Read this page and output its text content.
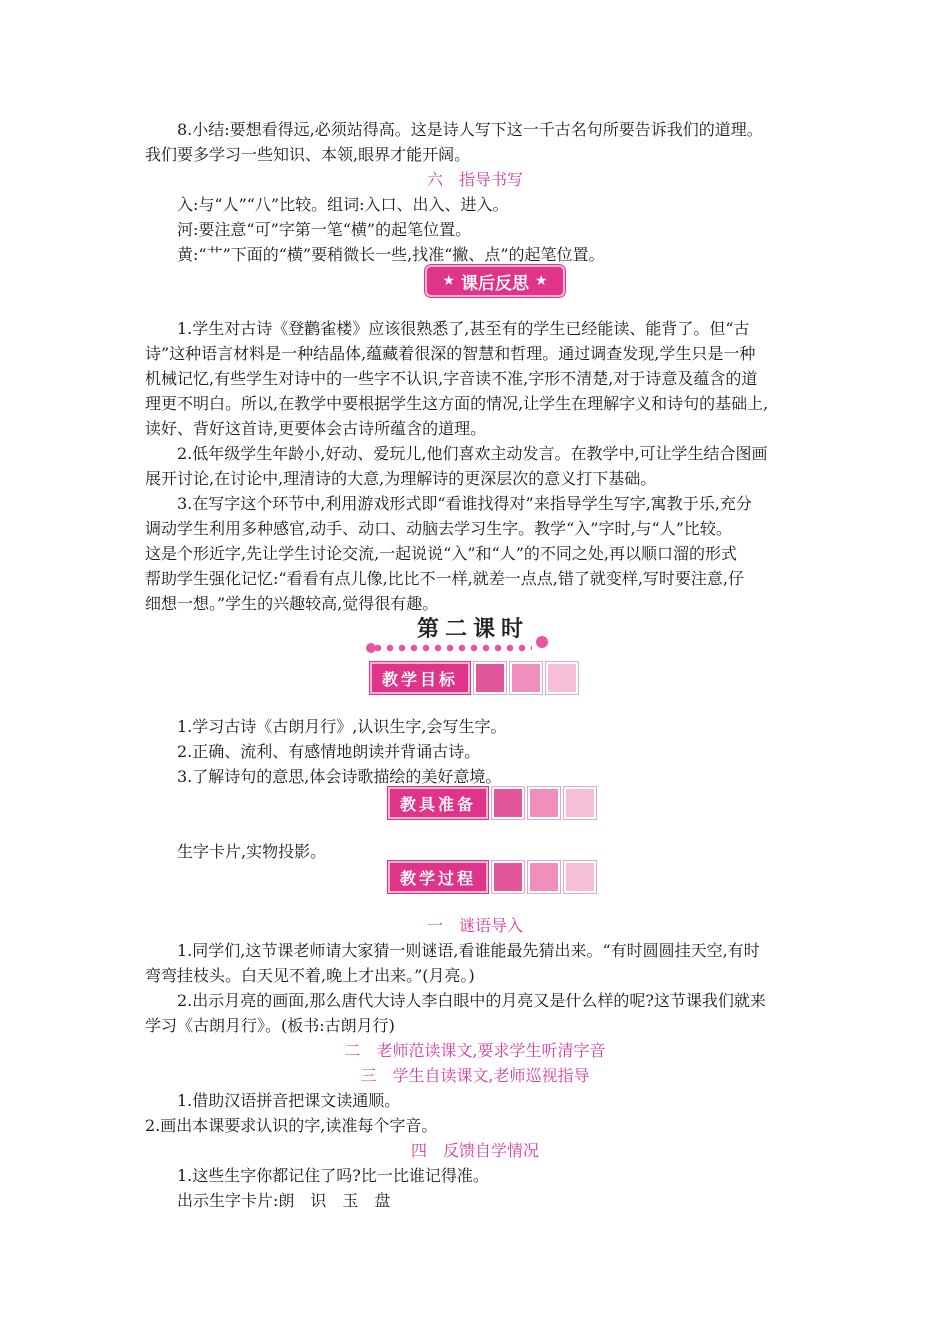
8.小结:要想看得远,必须站得高。这是诗人写下这一千古名句所要告诉我们的道理。
我们要多学习一些知识、本领,眼界才能开阔。
六　指导书写
入:与“人”“八”比较。组词:入口、出入、进入。
河:要注意“可”字第一笔“横”的起笔位置。
黄:“艹”下面的“横”要稍微长一些,找准“撇、点”的起笔位置。
★ 课后反思 ★
1.学生对古诗《登鹳雀楼》应该很熟悉了,甚至有的学生已经能读、能背了。但“古
诗”这种语言材料是一种结晶体,蕴藏着很深的智慧和哲理。通过调查发现,学生只是一种
机械记忆,有些学生对诗中的一些字不认识,字音读不准,字形不清楚,对于诗意及蕴含的道
理更不明白。所以,在教学中要根据学生这方面的情况,让学生在理解字义和诗句的基础上,
读好、背好这首诗,更要体会古诗所蕴含的道理。
2.低年级学生年龄小,好动、爱玩儿,他们喜欢主动发言。在教学中,可让学生结合图画
展开讨论,在讨论中,理清诗的大意,为理解诗的更深层次的意义打下基础。
3.在写字这个环节中,利用游戏形式即“看谁找得对”来指导学生写字,寓教于乐,充分
调动学生利用多种感官,动手、动口、动脑去学习生字。教学“入”字时,与“人”比较。
这是个形近字,先让学生讨论交流,一起说说“入”和“人”的不同之处,再以顺口溜的形式
帮助学生强化记忆:“看看有点儿像,比比不一样,就差一点点,错了就变样,写时要注意,仔
细想一想。”学生的兴趣较高,觉得很有趣。
第二课时
教学目标
1.学习古诗《古朗月行》,认识生字,会写生字。
2.正确、流利、有感情地朗读并背诵古诗。
3.了解诗句的意思,体会诗歌描绘的美好意境。
教具准备
生字卡片,实物投影。
教学过程
一　谜语导入
1.同学们,这节课老师请大家猜一则谜语,看谁能最先猜出来。“有时圆圆挂天空,有时
弯弯挂枝头。白天见不着,晚上才出来。”(月亮。)
2.出示月亮的画面,那么唐代大诗人李白眼中的月亮又是什么样的呢?这节课我们就来
学习《古朗月行》。(板书:古朗月行)
二　老师范读课文,要求学生听清字音
三　学生自读课文,老师巡视指导
1.借助汉语拼音把课文读通顺。
2.画出本课要求认识的字,读准每个字音。
四　反馈自学情况
1.这些生字你都记住了吗?比一比谁记得准。
出示生字卡片:朗　识　玉　盘
